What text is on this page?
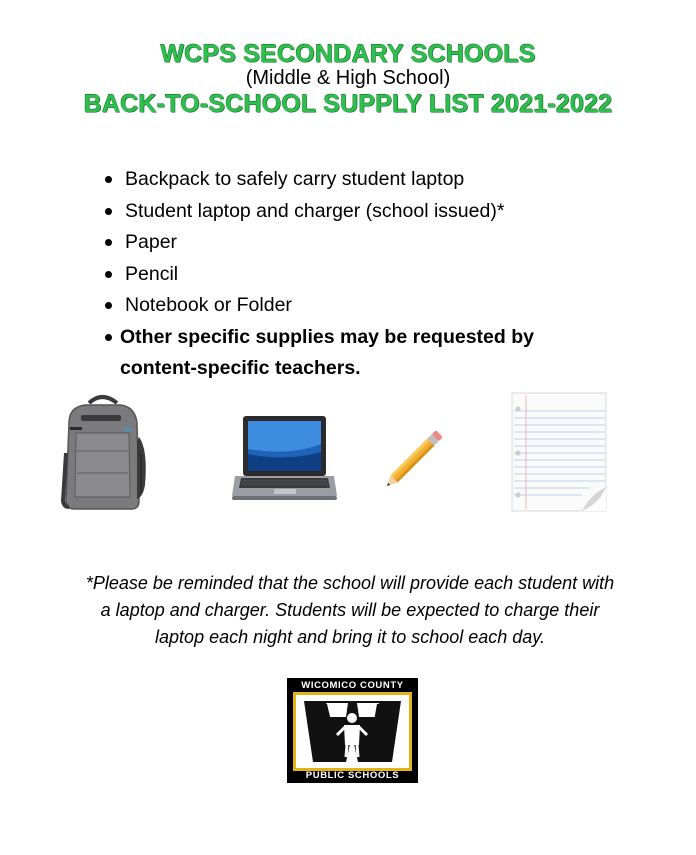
WCPS SECONDARY SCHOOLS
(Middle & High School)
BACK-TO-SCHOOL SUPPLY LIST 2021-2022
Backpack to safely carry student laptop
Student laptop and charger (school issued)*
Paper
Pencil
Notebook or Folder
Other specific supplies may be requested by content-specific teachers.

*Please be reminded that the school will provide each student with a laptop and charger. Students will be expected to charge their laptop each night and bring it to school each day.

WICOMICO COUNTY
PUBLIC SCHOOLS
